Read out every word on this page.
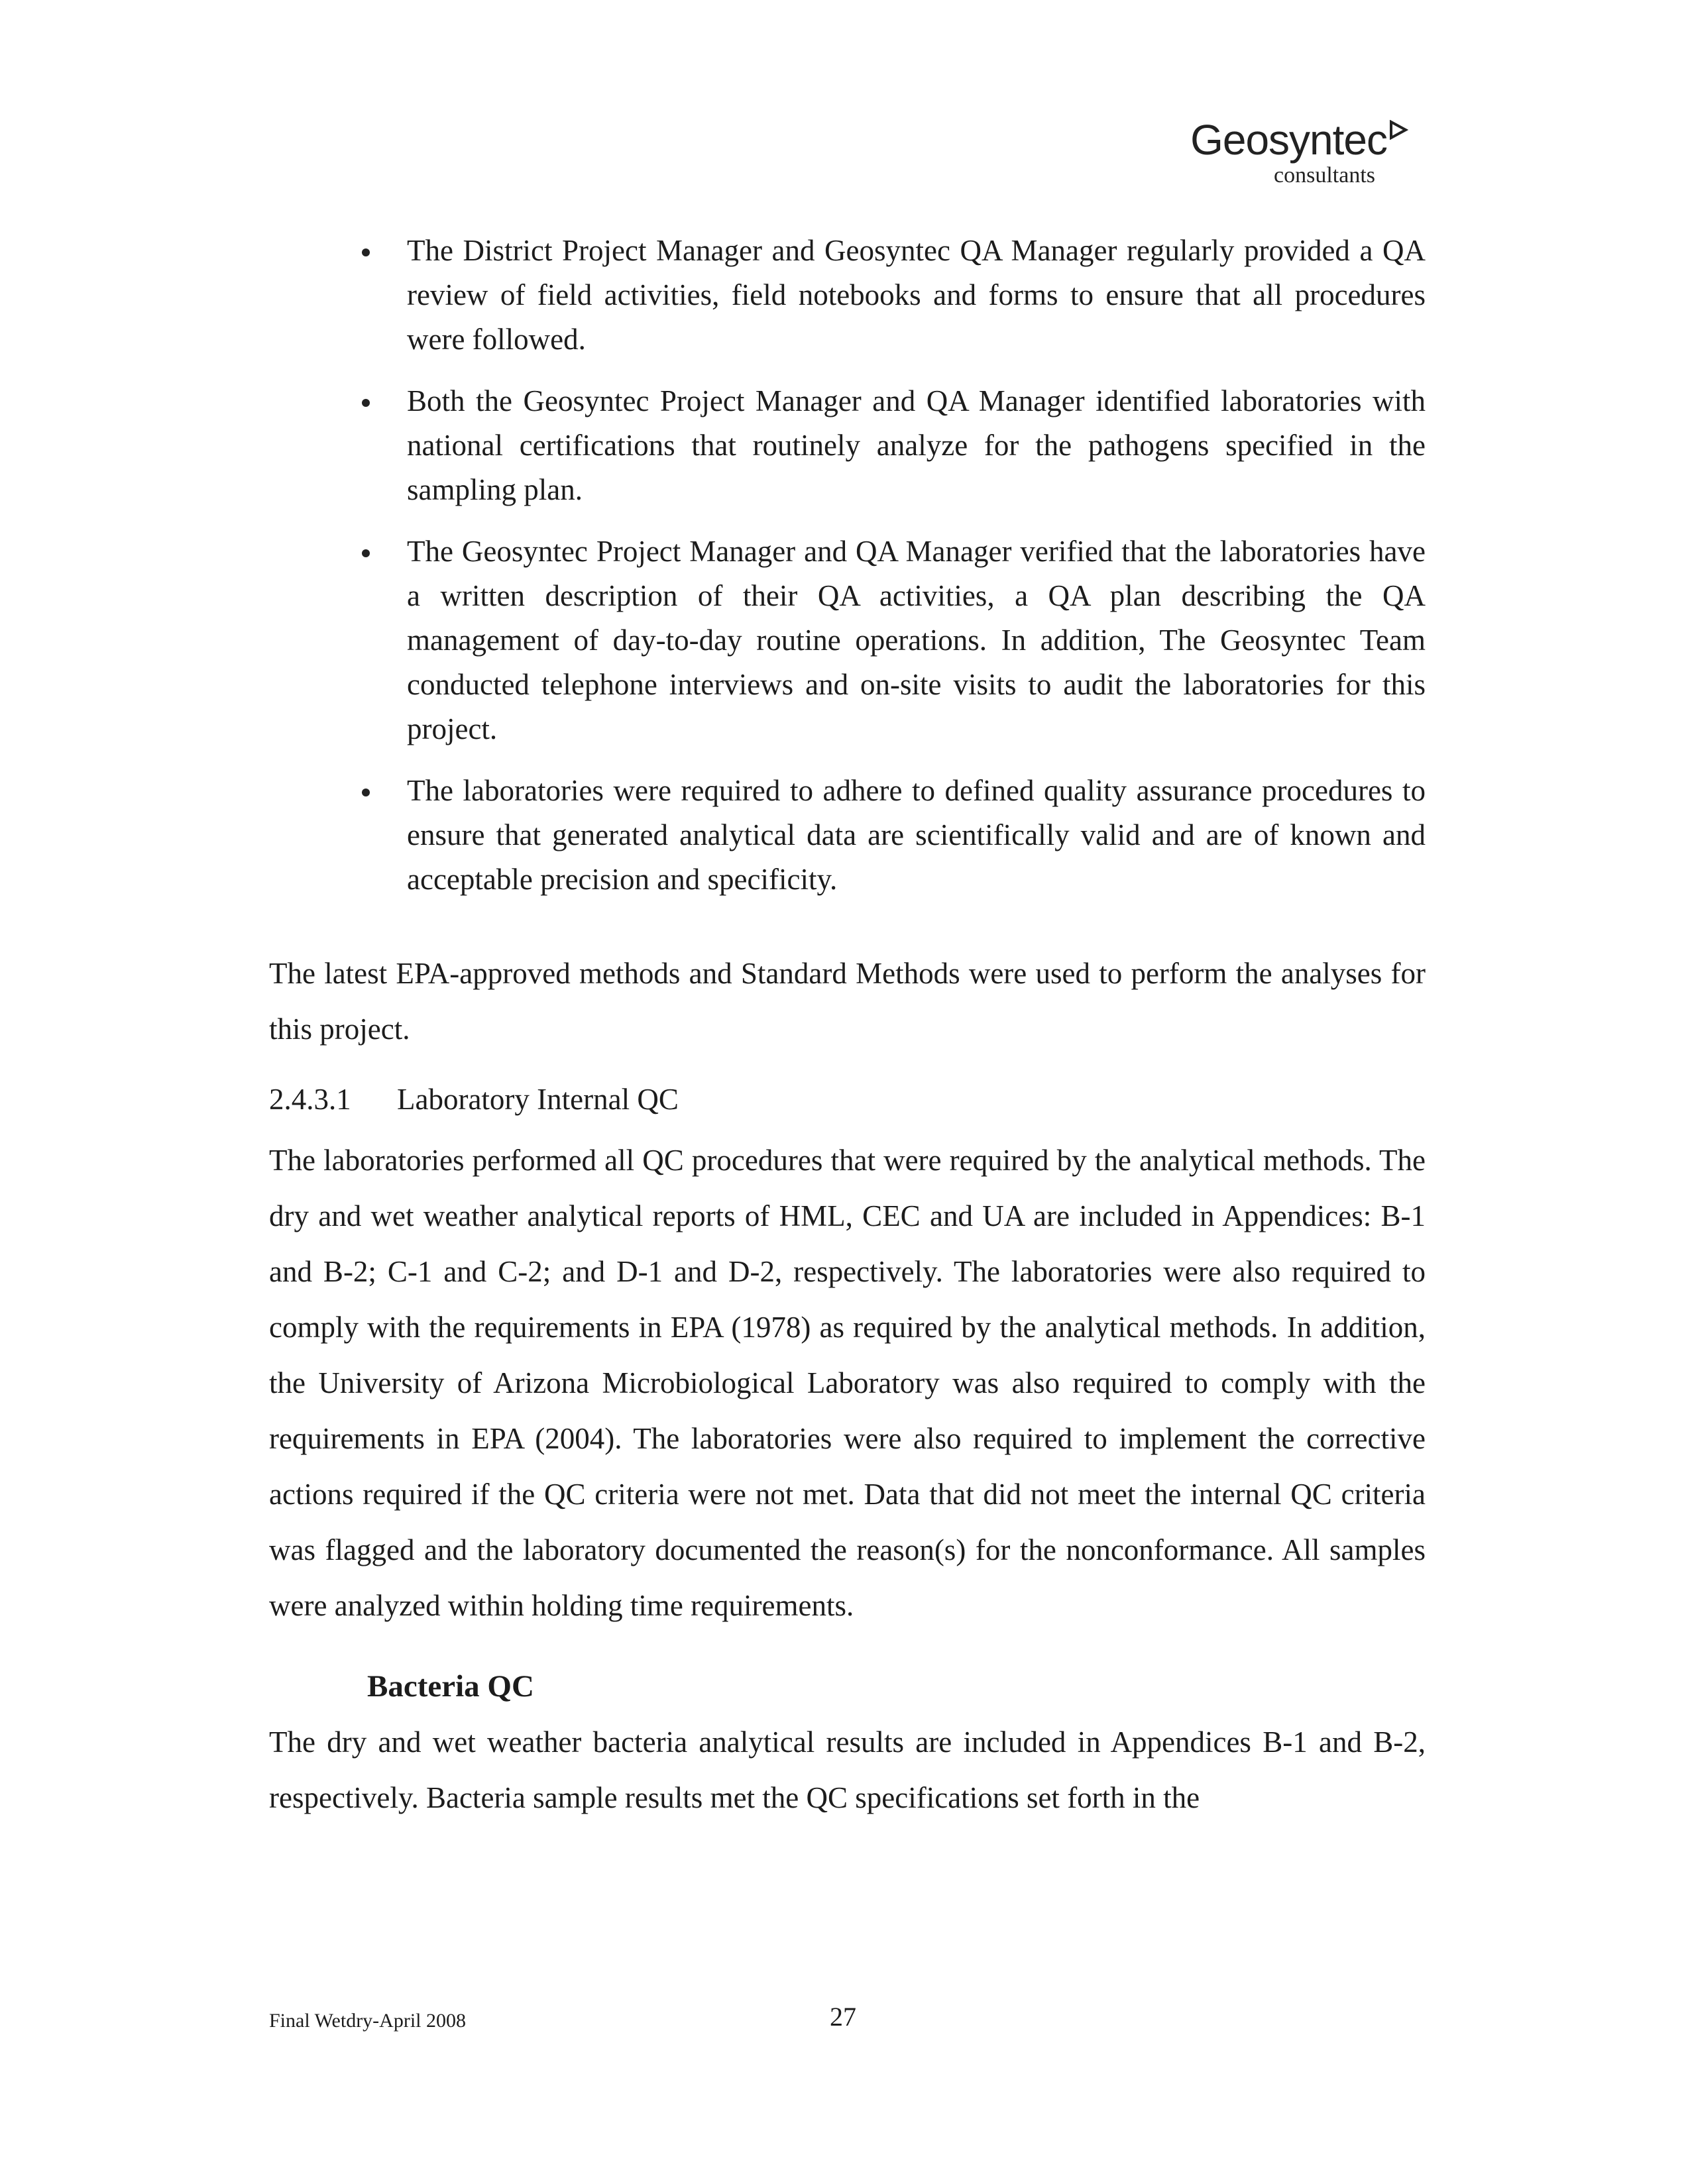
Geosyntec
consultants
The District Project Manager and Geosyntec QA Manager regularly provided a QA review of field activities, field notebooks and forms to ensure that all procedures were followed.
Both the Geosyntec Project Manager and QA Manager identified laboratories with national certifications that routinely analyze for the pathogens specified in the sampling plan.
The Geosyntec Project Manager and QA Manager verified that the laboratories have a written description of their QA activities, a QA plan describing the QA management of day-to-day routine operations. In addition, The Geosyntec Team conducted telephone interviews and on-site visits to audit the laboratories for this project.
The laboratories were required to adhere to defined quality assurance procedures to ensure that generated analytical data are scientifically valid and are of known and acceptable precision and specificity.

The latest EPA-approved methods and Standard Methods were used to perform the analyses for this project.

2.4.3.1 Laboratory Internal QC

The laboratories performed all QC procedures that were required by the analytical methods. The dry and wet weather analytical reports of HML, CEC and UA are included in Appendices: B-1 and B-2; C-1 and C-2; and D-1 and D-2, respectively. The laboratories were also required to comply with the requirements in EPA (1978) as required by the analytical methods. In addition, the University of Arizona Microbiological Laboratory was also required to comply with the requirements in EPA (2004). The laboratories were also required to implement the corrective actions required if the QC criteria were not met. Data that did not meet the internal QC criteria was flagged and the laboratory documented the reason(s) for the nonconformance. All samples were analyzed within holding time requirements.

Bacteria QC

The dry and wet weather bacteria analytical results are included in Appendices B-1 and B-2, respectively. Bacteria sample results met the QC specifications set forth in the

Final Wetdry-April 2008	27
